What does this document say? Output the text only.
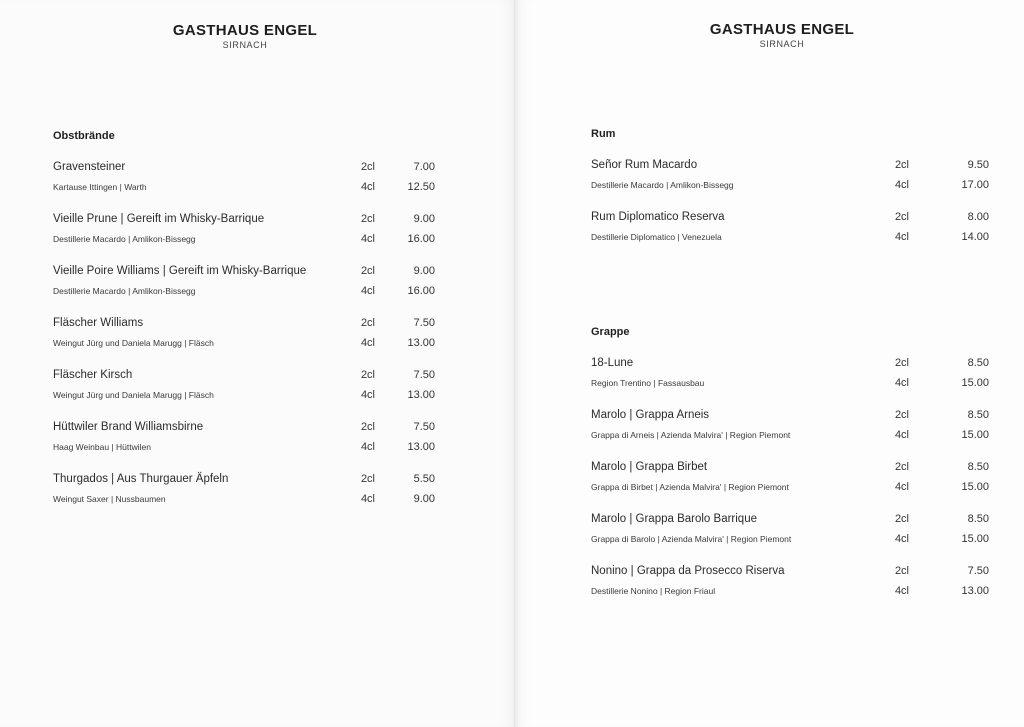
GASTHAUS ENGEL
SIRNACH
Obstbrände
Gravensteiner	2cl	7.00
Kartause Ittingen | Warth	4cl	12.50
Vieille Prune | Gereift im Whisky-Barrique	2cl	9.00
Destillerie Macardo | Amlikon-Bissegg	4cl	16.00
Vieille Poire Williams | Gereift im Whisky-Barrique	2cl	9.00
Destillerie Macardo | Amlikon-Bissegg	4cl	16.00
Fläscher Williams	2cl	7.50
Weingut Jürg und Daniela Marugg | Fläsch	4cl	13.00
Fläscher Kirsch	2cl	7.50
Weingut Jürg und Daniela Marugg | Fläsch	4cl	13.00
Hüttwiler Brand Williamsbirne	2cl	7.50
Haag Weinbau | Hüttwilen	4cl	13.00
Thurgados | Aus Thurgauer Äpfeln	2cl	5.50
Weingut Saxer | Nussbaumen	4cl	9.00
GASTHAUS ENGEL
SIRNACH
Rum
Señor Rum Macardo	2cl	9.50
Destillerie Macardo | Amlikon-Bissegg	4cl	17.00
Rum Diplomatico Reserva	2cl	8.00
Destillerie Diplomatico | Venezuela	4cl	14.00
Grappe
18-Lune	2cl	8.50
Region Trentino | Fassausbau	4cl	15.00
Marolo | Grappa Arneis	2cl	8.50
Grappa di Arneis | Azienda Malvira' | Region Piemont	4cl	15.00
Marolo | Grappa Birbet	2cl	8.50
Grappa di Birbet | Azienda Malvira' | Region Piemont	4cl	15.00
Marolo | Grappa Barolo Barrique	2cl	8.50
Grappa di Barolo | Azienda Malvira' | Region Piemont	4cl	15.00
Nonino | Grappa da Prosecco Riserva	2cl	7.50
Destillerie Nonino | Region Friaul	4cl	13.00
